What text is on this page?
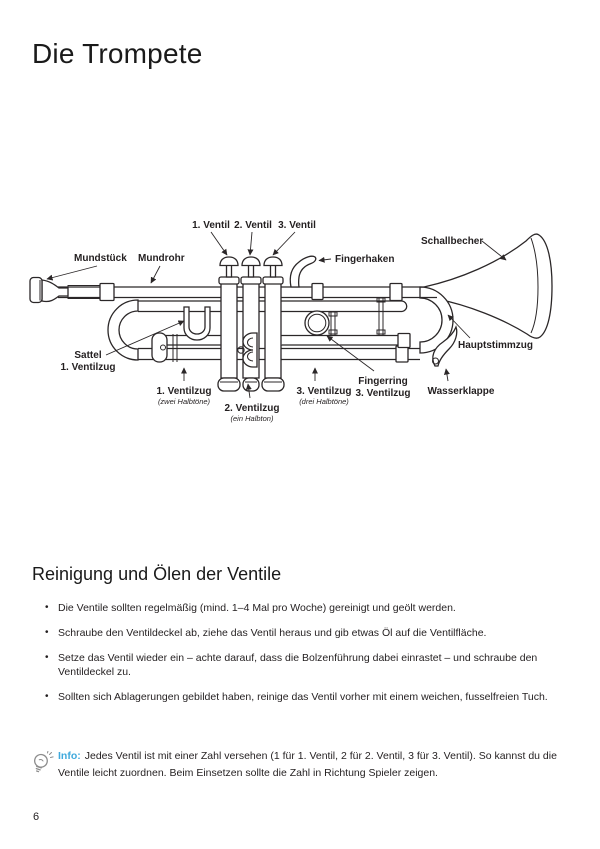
Die Trompete
Mundstück Mundrohr
1. Ventil 2. Ventil 3. Ventil
Fingerhaken
Schallbecher
Hauptstimmzug
Sattel
1. Ventilzug
1. Ventilzug
(zwei Halbtöne)
2. Ventilzug
(ein Halbton)
3. Ventilzug
(drei Halbtöne)
Fingerring
3. Ventilzug Wasserklappe
Reinigung und Ölen der Ventile
• Die Ventile sollten regelmäßig (mind. 1–4 Mal pro Woche) gereinigt und geölt werden.
• Schraube den Ventildeckel ab, ziehe das Ventil heraus und gib etwas Öl auf die Ventilfläche.
• Setze das Ventil wieder ein – achte darauf, dass die Bolzenführung dabei einrastet – und schraube den Ventildeckel zu.
• Sollten sich Ablagerungen gebildet haben, reinige das Ventil vorher mit einem weichen, fusselfreien Tuch.
Info: Jedes Ventil ist mit einer Zahl versehen (1 für 1. Ventil, 2 für 2. Ventil, 3 für 3. Ventil). So kannst du die Ventile leicht zuordnen. Beim Einsetzen sollte die Zahl in Richtung Spieler zeigen.
6
